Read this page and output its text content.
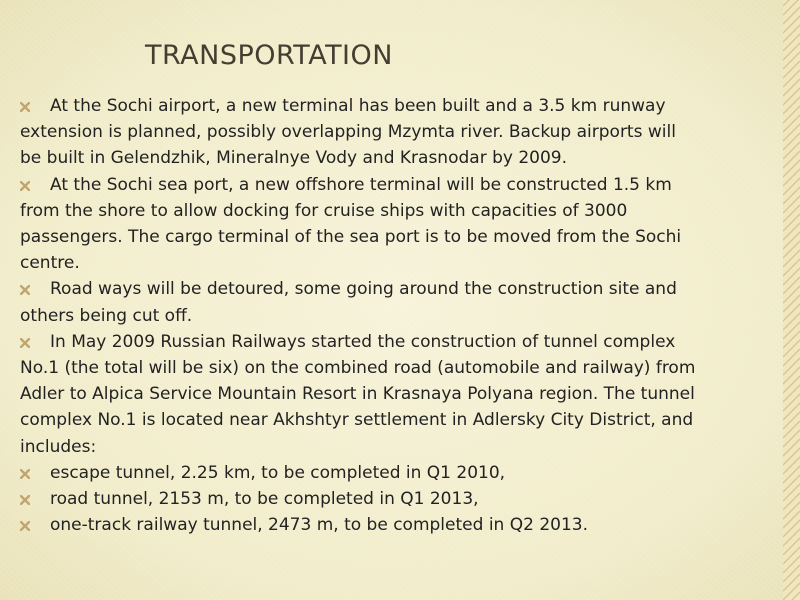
TRANSPORTATION
At the Sochi airport, a new terminal has been built and a 3.5 km runway extension is planned, possibly overlapping Mzymta river. Backup airports will be built in Gelendzhik, Mineralnye Vody and Krasnodar by 2009.
At the Sochi sea port, a new offshore terminal will be constructed 1.5 km from the shore to allow docking for cruise ships with capacities of 3000 passengers. The cargo terminal of the sea port is to be moved from the Sochi centre.
Road ways will be detoured, some going around the construction site and others being cut off.
In May 2009 Russian Railways started the construction of tunnel complex No.1 (the total will be six) on the combined road (automobile and railway) from Adler to Alpica Service Mountain Resort in Krasnaya Polyana region. The tunnel complex No.1 is located near Akhshtyr settlement in Adlersky City District, and includes:
escape tunnel, 2.25 km, to be completed in Q1 2010,
road tunnel, 2153 m, to be completed in Q1 2013,
one-track railway tunnel, 2473 m, to be completed in Q2 2013.
